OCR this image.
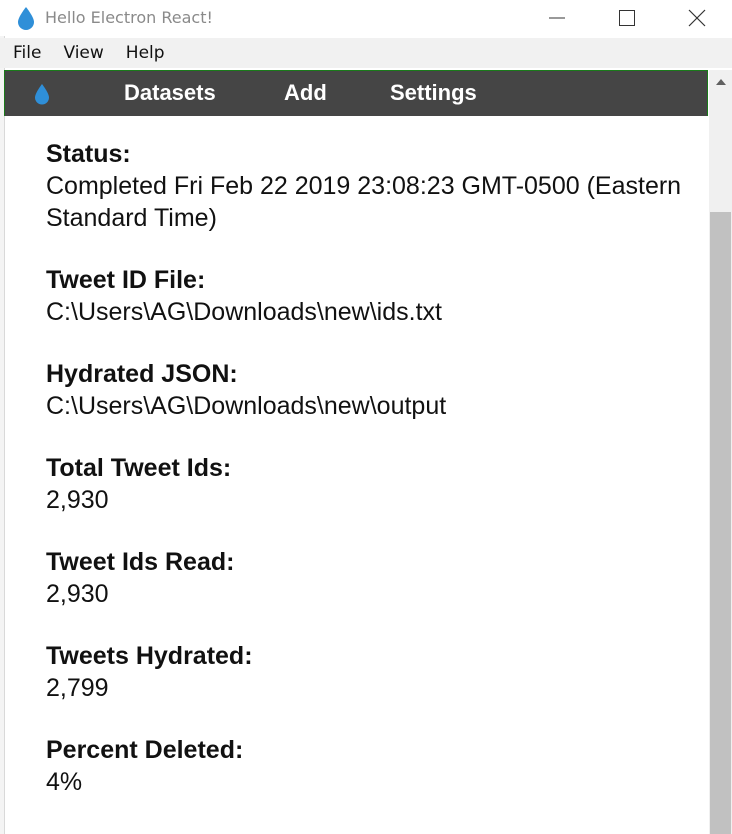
Hello Electron React!
File	View	Help
Datasets	Add	Settings
Status:
Completed Fri Feb 22 2019 23:08:23 GMT-0500 (Eastern Standard Time)
Tweet ID File:
C:\Users\AG\Downloads\new\ids.txt
Hydrated JSON:
C:\Users\AG\Downloads\new\output
Total Tweet Ids:
2,930
Tweet Ids Read:
2,930
Tweets Hydrated:
2,799
Percent Deleted:
4%
